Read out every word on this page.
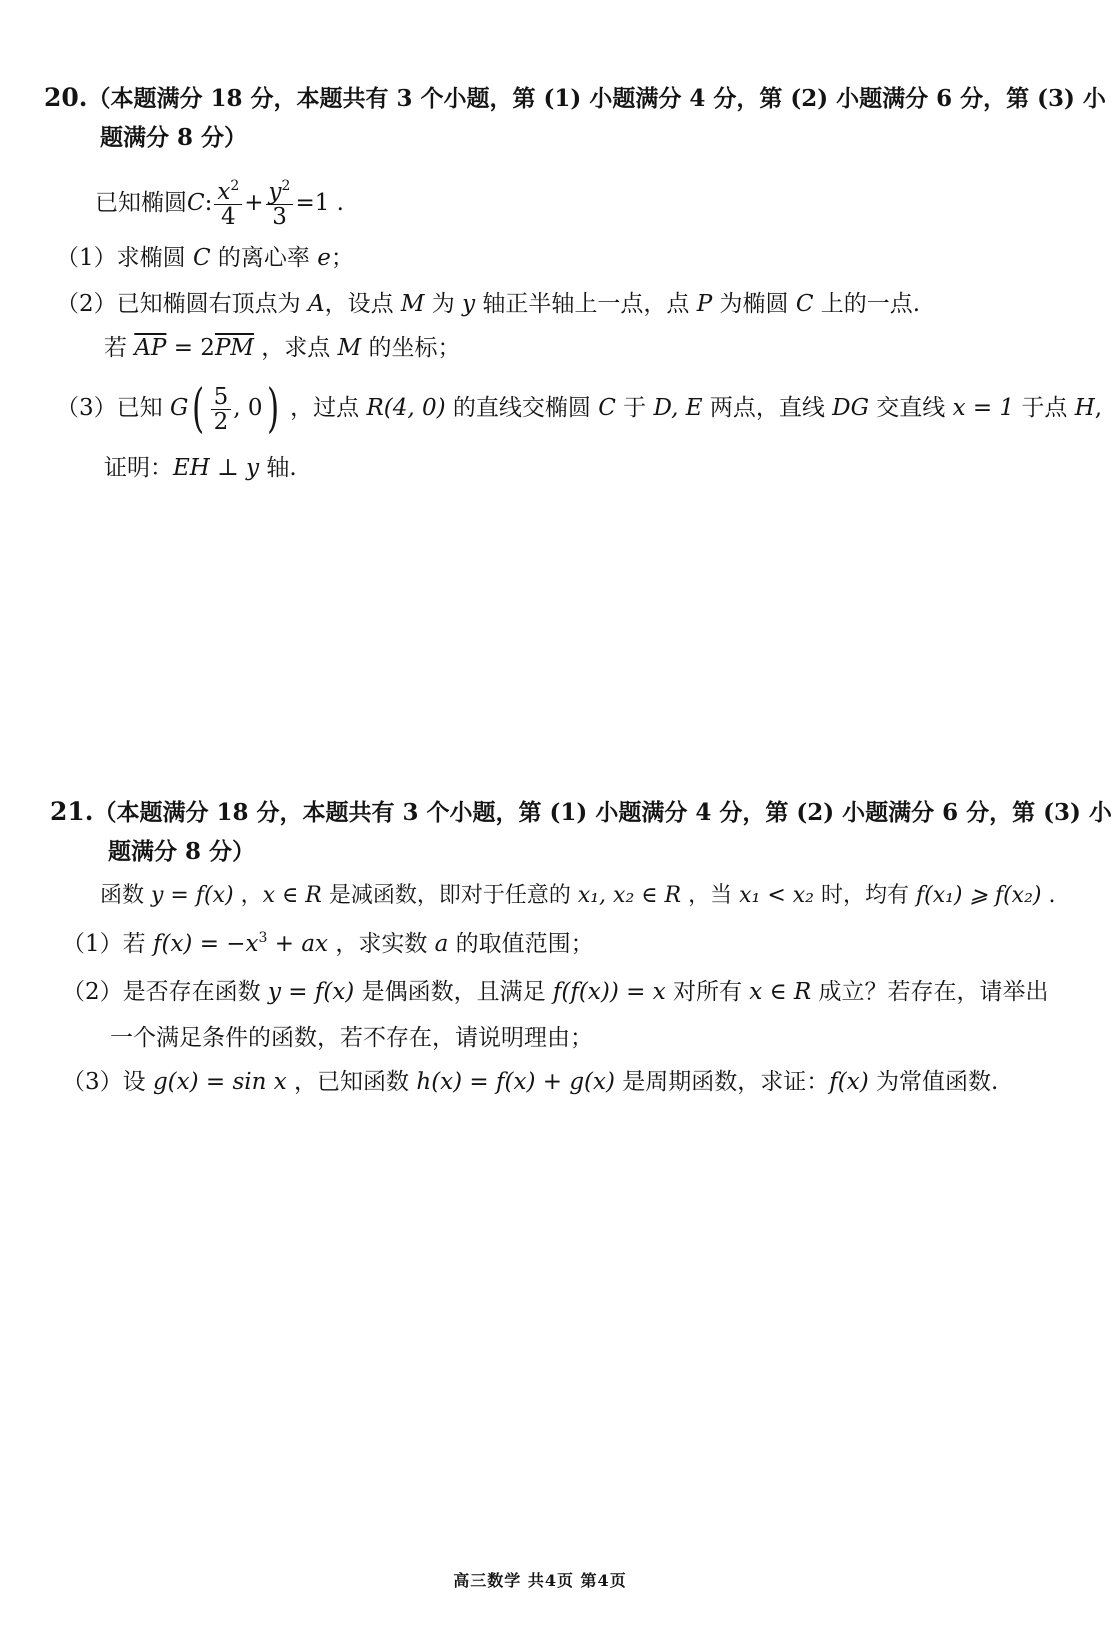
20.（本题满分 18 分，本题共有 3 个小题，第 (1) 小题满分 4 分，第 (2) 小题满分 6 分，第 (3) 小
题满分 8 分）
已知椭圆C: $\frac{x^2}{4} + \frac{y^2}{3} =1$ .
（1）求椭圆 C 的离心率 e；
（2）已知椭圆右顶点为 A，设点 M 为 y 轴正半轴上一点，点 P 为椭圆 C 上的一点.
若 $\overline{AP} = 2\overline{PM}$ ，求点 M 的坐标；
（3）已知 $G( \frac{5}{2}$ , 0) ，过点 R(4, 0) 的直线交椭圆 C 于 D, E 两点，直线 DG 交直线 x = 1 于点 H,
证明：EH ⊥ y 轴.
21.（本题满分 18 分，本题共有 3 个小题，第 (1) 小题满分 4 分，第 (2) 小题满分 6 分，第 (3) 小
题满分 8 分）
函数 y = f(x) ，x ∈ R 是减函数，即对于任意的 x₁, x₂ ∈ R ，当 x₁ < x₂ 时，均有 f(x₁) ⩾ f(x₂) .
（1）若 $f(x) = -x^3$ + ax ，求实数 a 的取值范围；
（2）是否存在函数 y = f(x) 是偶函数，且满足 f(f(x)) = x 对所有 x ∈ R 成立？若存在，请举出
一个满足条件的函数，若不存在，请说明理由；
（3）设 g(x) = sin x ，已知函数 h(x) = f(x) + g(x) 是周期函数，求证：f(x) 为常值函数.
高三数学 共4页 第4页
